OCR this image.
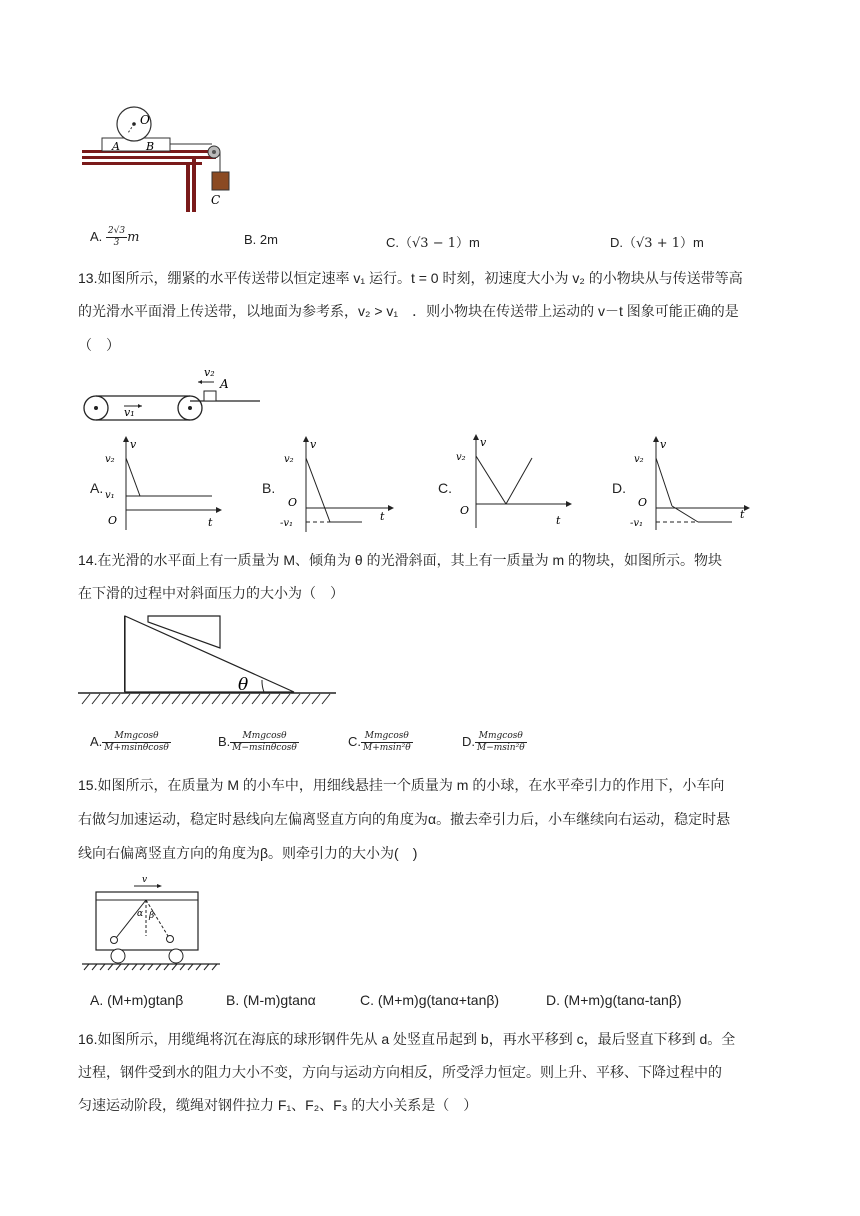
O
A B
C
A. $\frac{2√3}{3}$ m	B. 2m	C.（√3 − 1）m	D.（√3 + 1）m
13.如图所示，绷紧的水平传送带以恒定速率 v₁ 运行。t = 0 时刻，初速度大小为 v₂ 的小物块从与传送带等高
的光滑水平面滑上传送带，以地面为参考系，v₂ > v₁　．则小物块在传送带上运动的 v－t 图象可能正确的是
（　）
v₁
v₂
A
A.
v
v₂
v₁
O	t
B.
v
v₂
O
-v₁
t
C.
v
v₂
O
t
D.
v
v₂
O
-v₁
t
14.在光滑的水平面上有一质量为 M、倾角为 θ 的光滑斜面，其上有一质量为 m 的物块，如图所示。物块
在下滑的过程中对斜面压力的大小为（　）
θ
A. $\frac{\text{Mmgcosθ}}{M+msin\theta\cos\theta}$	B. $\frac{\text{Mmgcosθ}}{M-msin\theta\cos\theta}$	C. $\frac{\text{Mmgcosθ}}{\text{M+msin²θ}}$	D. $\frac{\text{Mmgcosθ}}{\text{M−msin²θ}}$
15.如图所示，在质量为 M 的小车中，用细线悬挂一个质量为 m 的小球，在水平牵引力的作用下，小车向
右做匀加速运动，稳定时悬线向左偏离竖直方向的角度为α。撤去牵引力后，小车继续向右运动，稳定时悬
线向右偏离竖直方向的角度为β。则牵引力的大小为(　)
v
α β
A. (M+m)gtanβ	B. (M-m)gtanα	C. (M+m)g(tanα+tanβ)	D. (M+m)g(tanα-tanβ)
16.如图所示，用缆绳将沉在海底的球形钢件先从 a 处竖直吊起到 b，再水平移到 c，最后竖直下移到 d。全
过程，钢件受到水的阻力大小不变，方向与运动方向相反，所受浮力恒定。则上升、平移、下降过程中的
匀速运动阶段，缆绳对钢件拉力 F₁、F₂、F₃ 的大小关系是（　）
